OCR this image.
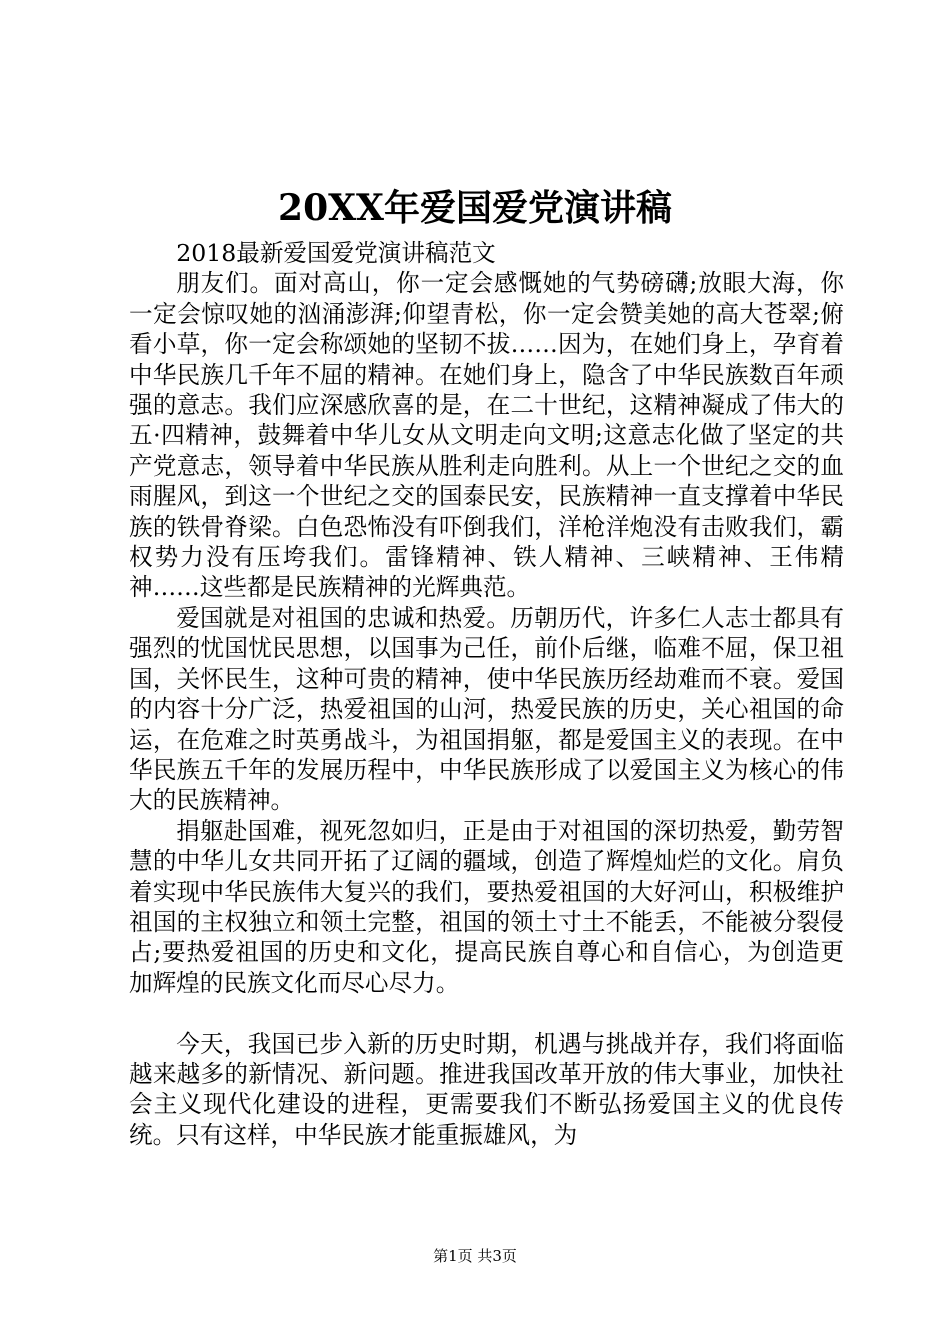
20XX年爱国爱党演讲稿

2018最新爱国爱党演讲稿范文

朋友们。面对高山，你一定会感慨她的气势磅礴;放眼大海，你一定会惊叹她的汹涌澎湃;仰望青松，你一定会赞美她的高大苍翠;俯看小草，你一定会称颂她的坚韧不拔……因为，在她们身上，孕育着中华民族几千年不屈的精神。在她们身上，隐含了中华民族数百年顽强的意志。我们应深感欣喜的是，在二十世纪，这精神凝成了伟大的五·四精神，鼓舞着中华儿女从文明走向文明;这意志化做了坚定的共产党意志，领导着中华民族从胜利走向胜利。从上一个世纪之交的血雨腥风，到这一个世纪之交的国泰民安，民族精神一直支撑着中华民族的铁骨脊梁。白色恐怖没有吓倒我们，洋枪洋炮没有击败我们，霸权势力没有压垮我们。雷锋精神、铁人精神、三峡精神、王伟精神……这些都是民族精神的光辉典范。

爱国就是对祖国的忠诚和热爱。历朝历代，许多仁人志士都具有强烈的忧国忧民思想，以国事为己任，前仆后继，临难不屈，保卫祖国，关怀民生，这种可贵的精神，使中华民族历经劫难而不衰。爱国的内容十分广泛，热爱祖国的山河，热爱民族的历史，关心祖国的命运，在危难之时英勇战斗，为祖国捐躯，都是爱国主义的表现。在中华民族五千年的发展历程中，中华民族形成了以爱国主义为核心的伟大的民族精神。

捐躯赴国难，视死忽如归，正是由于对祖国的深切热爱，勤劳智慧的中华儿女共同开拓了辽阔的疆域，创造了辉煌灿烂的文化。肩负着实现中华民族伟大复兴的我们，要热爱祖国的大好河山，积极维护祖国的主权独立和领土完整，祖国的领土寸土不能丢，不能被分裂侵占;要热爱祖国的历史和文化，提高民族自尊心和自信心，为创造更加辉煌的民族文化而尽心尽力。

今天，我国已步入新的历史时期，机遇与挑战并存，我们将面临越来越多的新情况、新问题。推进我国改革开放的伟大事业，加快社会主义现代化建设的进程，更需要我们不断弘扬爱国主义的优良传统。只有这样，中华民族才能重振雄风，为

第1页 共3页
